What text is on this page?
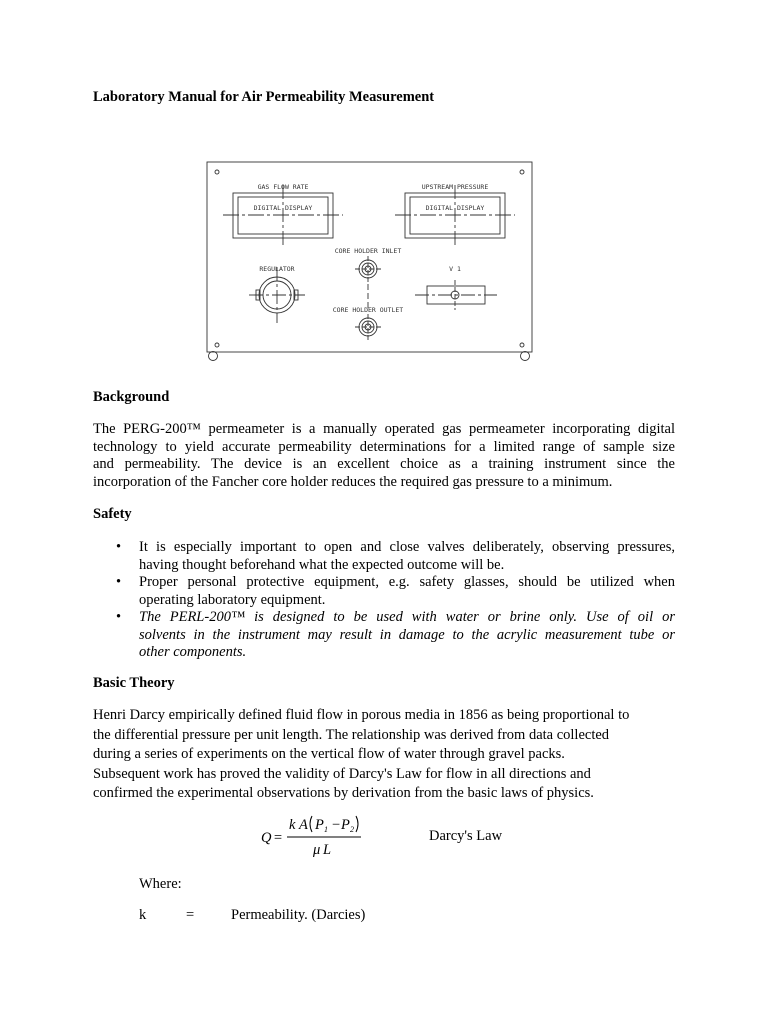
Laboratory Manual for Air Permeability Measurement
GAS FLOW RATE
DIGITAL DISPLAY
UPSTREAM PRESSURE
DIGITAL DISPLAY
CORE HOLDER INLET
REGULATOR	V 1
CORE HOLDER OUTLET
Background
The PERG-200™ permeameter is a manually operated gas permeameter incorporating digital
technology to yield accurate permeability determinations for a limited range of sample size
and permeability. The device is an excellent choice as a training instrument since the
incorporation of the Fancher core holder reduces the required gas pressure to a minimum.
Safety
• It is especially important to open and close valves deliberately, observing pressures,
having thought beforehand what the expected outcome will be.
• Proper personal protective equipment, e.g. safety glasses, should be utilized when
operating laboratory equipment.
• The PERL-200™ is designed to be used with water or brine only. Use of oil or
solvents in the instrument may result in damage to the acrylic measurement tube or
other components.
Basic Theory
Henri Darcy empirically defined fluid flow in porous media in 1856 as being proportional to
the differential pressure per unit length. The relationship was derived from data collected
during a series of experiments on the vertical flow of water through gravel packs.
Subsequent work has proved the validity of Darcy's Law for flow in all directions and
confirmed the experimental observations by derivation from the basic laws of physics.
Q =
k A P 1 − P 2
μ L
Darcy's Law
Where:
k	=	Permeability. (Darcies)
